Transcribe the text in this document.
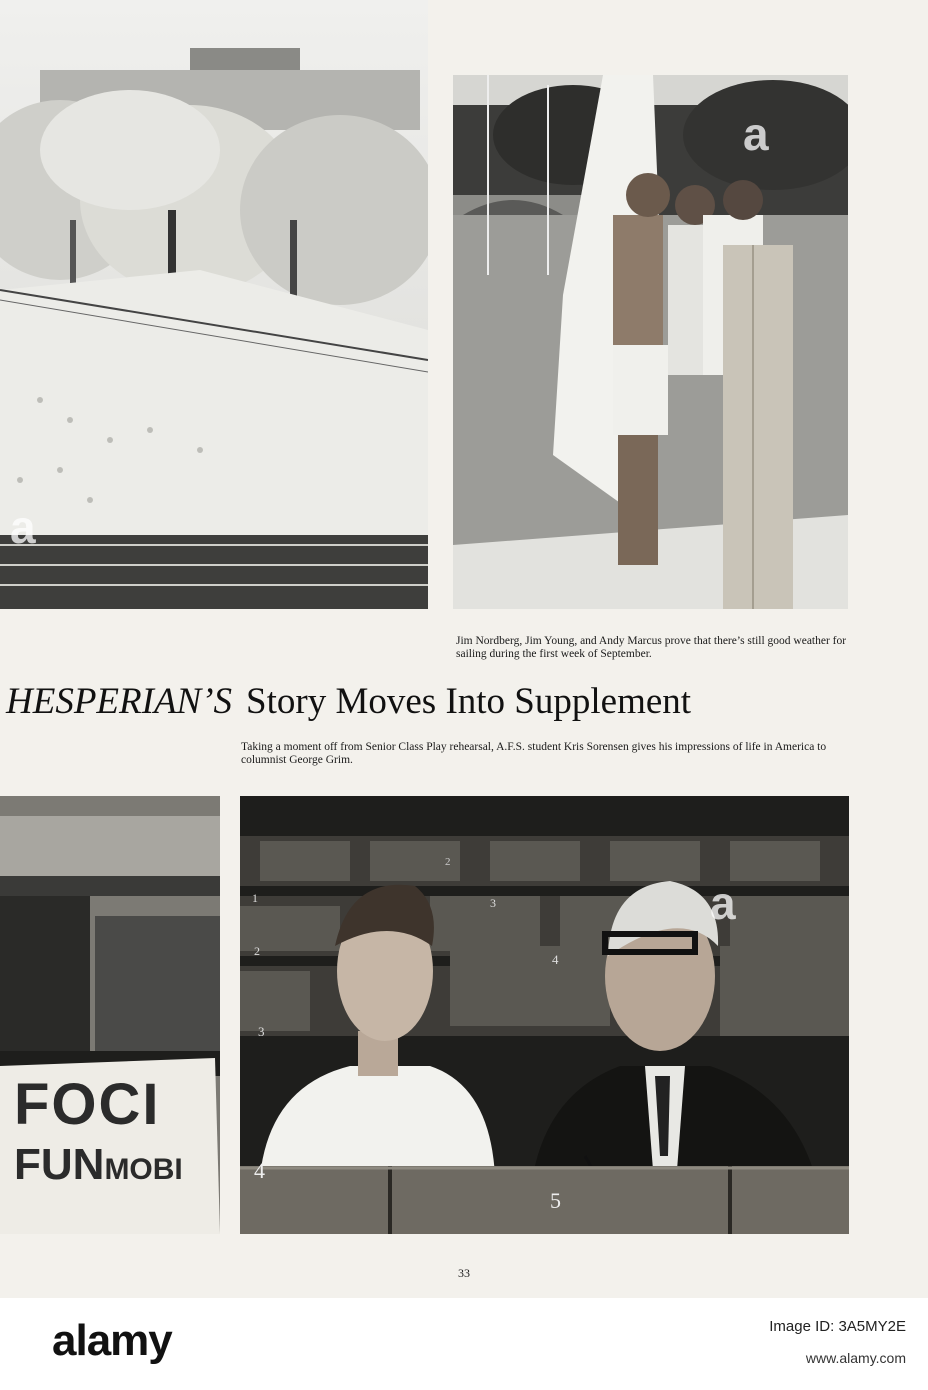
a
a
Jim Nordberg, Jim Young, and Andy Marcus prove that there’s still good weather for sailing during the first week of September.
HESPERIAN’S Story Moves Into Supplement
Taking a moment off from Senior Class Play rehearsal, A.F.S. student Kris Sorensen gives his impressions of life in America to columnist George Grim.
FOCI
FUNMOBI
1
2
3
4
2
3
4
5
a
33
alamy	Image ID: 3A5MY2E
www.alamy.com
